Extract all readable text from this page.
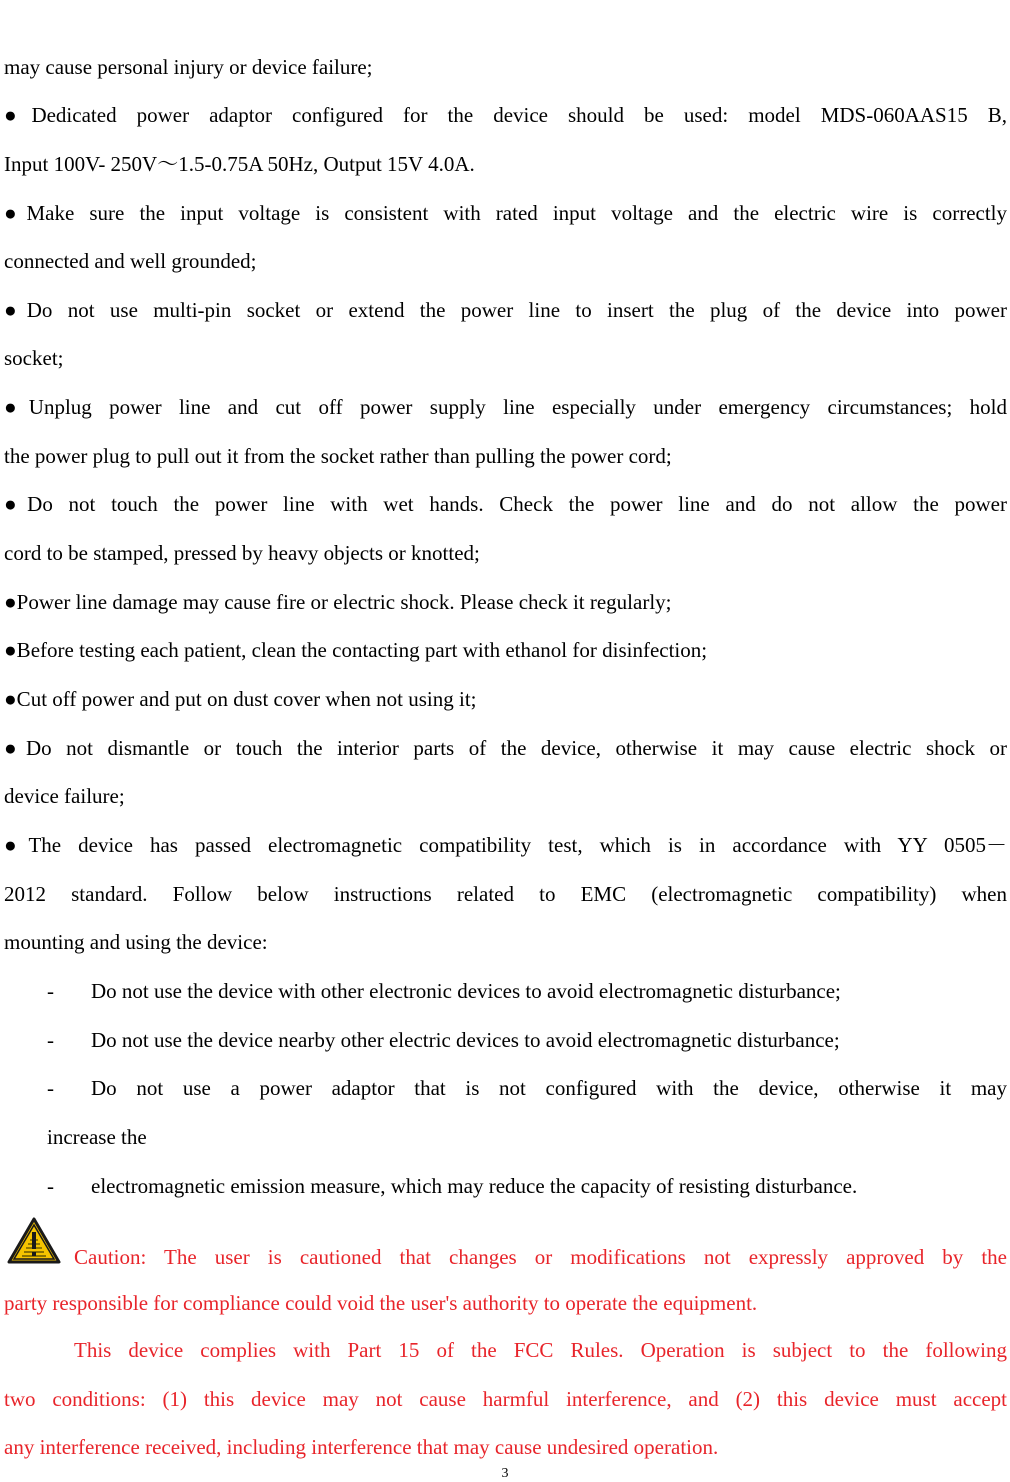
may cause personal injury or device failure;
●Dedicated power adaptor configured for the device should be used: model MDS-060AAS15 B,
Input 100V- 250V～1.5-0.75A 50Hz, Output 15V 4.0A.
●Make sure the input voltage is consistent with rated input voltage and the electric wire is correctly
connected and well grounded;
●Do not use multi-pin socket or extend the power line to insert the plug of the device into power
socket;
●Unplug power line and cut off power supply line especially under emergency circumstances; hold
the power plug to pull out it from the socket rather than pulling the power cord;
●Do not touch the power line with wet hands. Check the power line and do not allow the power
cord to be stamped, pressed by heavy objects or knotted;
●Power line damage may cause fire or electric shock. Please check it regularly;
●Before testing each patient, clean the contacting part with ethanol for disinfection;
●Cut off power and put on dust cover when not using it;
●Do not dismantle or touch the interior parts of the device, otherwise it may cause electric shock or
device failure;
●The device has passed electromagnetic compatibility test, which is in accordance with YY 0505－
2012 standard. Follow below instructions related to EMC (electromagnetic compatibility) when
mounting and using the device:
- Do not use the device with other electronic devices to avoid electromagnetic disturbance;
- Do not use the device nearby other electric devices to avoid electromagnetic disturbance;
- Do not use a power adaptor that is not configured with the device, otherwise it may
increase the
- electromagnetic emission measure, which may reduce the capacity of resisting disturbance.
Caution: The user is cautioned that changes or modifications not expressly approved by the
party responsible for compliance could void the user's authority to operate the equipment.
This device complies with Part 15 of the FCC Rules. Operation is subject to the following
two conditions: (1) this device may not cause harmful interference, and (2) this device must accept
any interference received, including interference that may cause undesired operation.
3
